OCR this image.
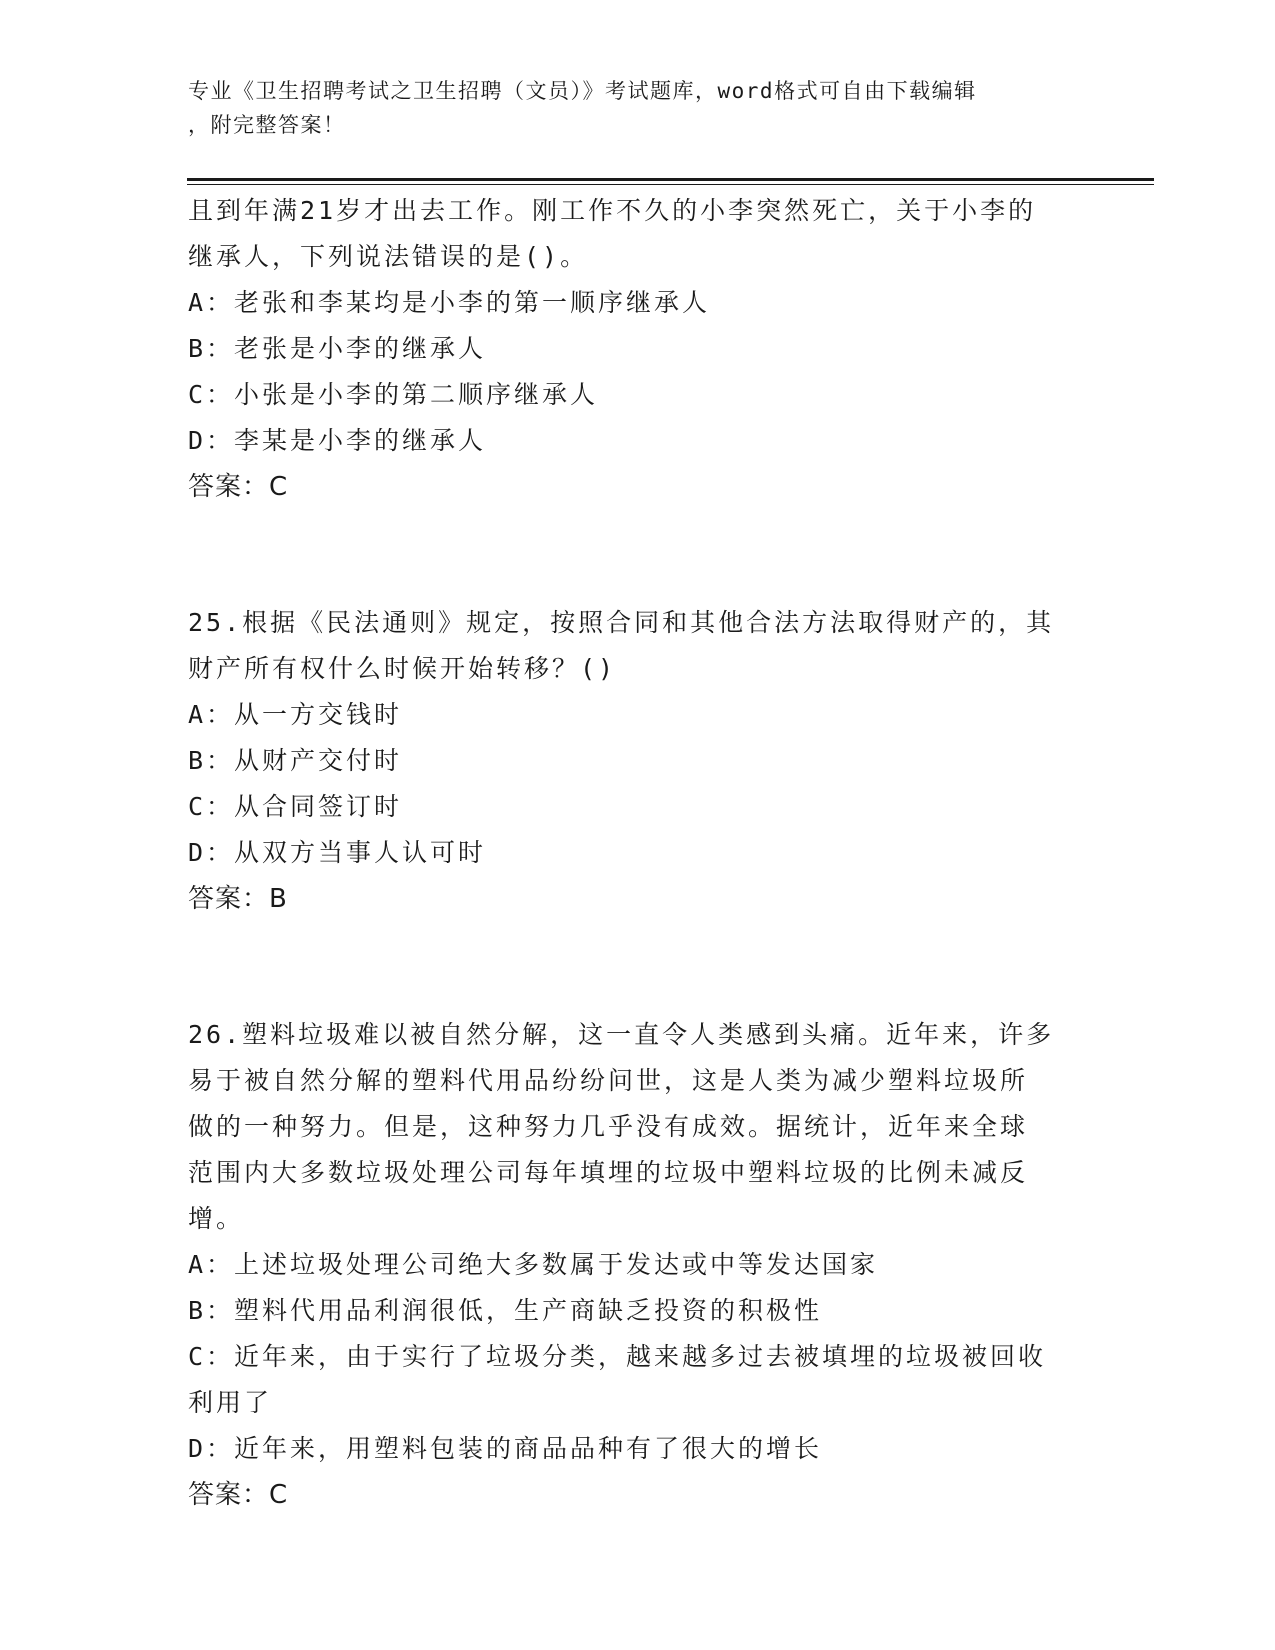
专业《卫生招聘考试之卫生招聘（文员）》考试题库，word格式可自由下载编辑
，附完整答案！
且到年满21岁才出去工作。刚工作不久的小李突然死亡，关于小李的
继承人，下列说法错误的是()。
A：老张和李某均是小李的第一顺序继承人
B：老张是小李的继承人
C：小张是小李的第二顺序继承人
D：李某是小李的继承人
答案：C
25.根据《民法通则》规定，按照合同和其他合法方法取得财产的，其
财产所有权什么时候开始转移？()
A：从一方交钱时
B：从财产交付时
C：从合同签订时
D：从双方当事人认可时
答案：B
26.塑料垃圾难以被自然分解，这一直令人类感到头痛。近年来，许多
易于被自然分解的塑料代用品纷纷问世，这是人类为减少塑料垃圾所
做的一种努力。但是，这种努力几乎没有成效。据统计，近年来全球
范围内大多数垃圾处理公司每年填埋的垃圾中塑料垃圾的比例未减反
增。
A：上述垃圾处理公司绝大多数属于发达或中等发达国家
B：塑料代用品利润很低，生产商缺乏投资的积极性
C：近年来，由于实行了垃圾分类，越来越多过去被填埋的垃圾被回收
利用了
D：近年来，用塑料包装的商品品种有了很大的增长
答案：C
